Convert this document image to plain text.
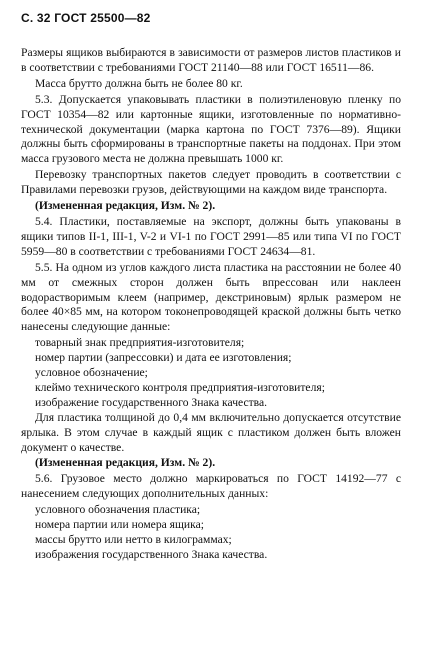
С. 32 ГОСТ 25500—82

Размеры ящиков выбираются в зависимости от размеров листов пластиков и в соответствии с требованиями ГОСТ 21140—88 или ГОСТ 16511—86.

Масса брутто должна быть не более 80 кг.

5.3. Допускается упаковывать пластики в полиэтиленовую пленку по ГОСТ 10354—82 или картонные ящики, изготовленные по нормативно-технической документации (марка картона по ГОСТ 7376—89). Ящики должны быть сформированы в транспортные пакеты на поддонах. При этом масса грузового места не должна превышать 1000 кг.

Перевозку транспортных пакетов следует проводить в соответствии с Правилами перевозки грузов, действующими на каждом виде транспорта.

(Измененная редакция, Изм. № 2).

5.4. Пластики, поставляемые на экспорт, должны быть упакованы в ящики типов II-1, III-1, V-2 и VI-1 по ГОСТ 2991—85 или типа VI по ГОСТ 5959—80 в соответствии с требованиями ГОСТ 24634—81.

5.5. На одном из углов каждого листа пластика на расстоянии не более 40 мм от смежных сторон должен быть впрессован или наклеен водорастворимым клеем (например, декстриновым) ярлык размером не более 40×85 мм, на котором токонепроводящей краской должны быть четко нанесены следующие данные:

товарный знак предприятия-изготовителя;
номер партии (запрессовки) и дата ее изготовления;
условное обозначение;
клеймо технического контроля предприятия-изготовителя;
изображение государственного Знака качества.

Для пластика толщиной до 0,4 мм включительно допускается отсутствие ярлыка. В этом случае в каждый ящик с пластиком должен быть вложен документ о качестве.

(Измененная редакция, Изм. № 2).

5.6. Грузовое место должно маркироваться по ГОСТ 14192—77 с нанесением следующих дополнительных данных:

условного обозначения пластика;
номера партии или номера ящика;
массы брутто или нетто в килограммах;
изображения государственного Знака качества.
